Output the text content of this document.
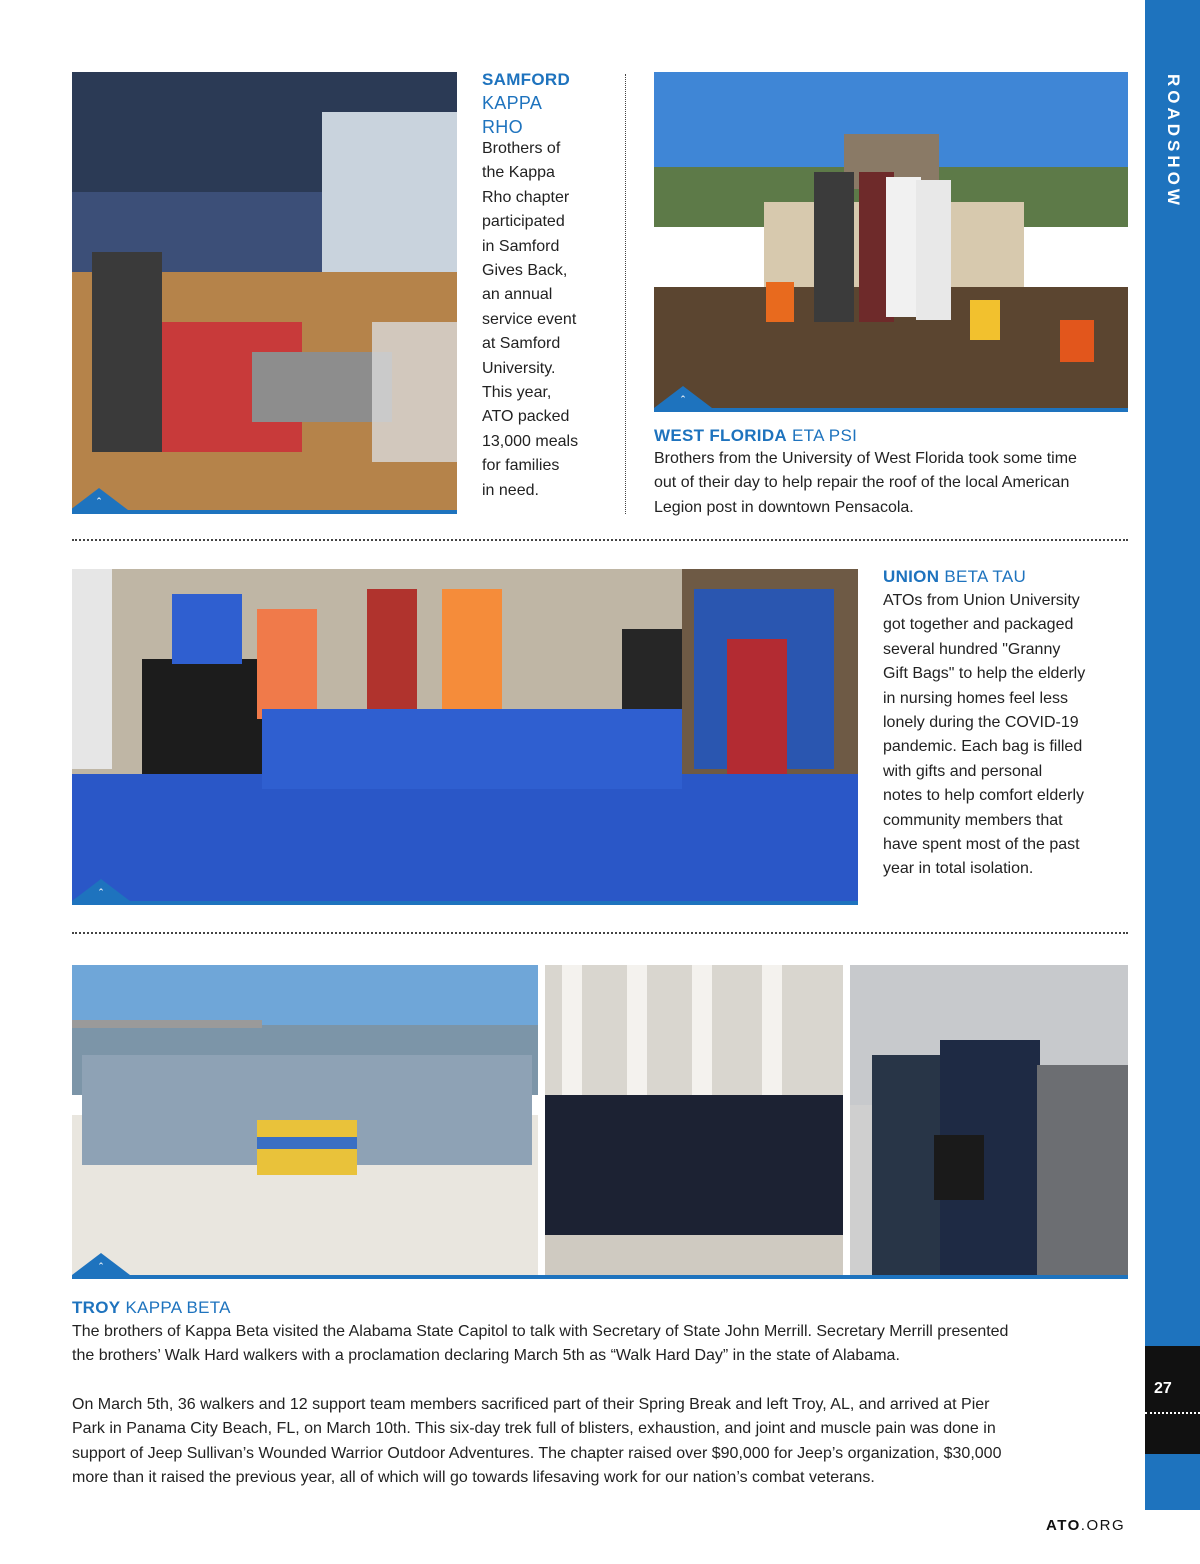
ROADSHOW
27
⌃
SAMFORD
KAPPA
RHO
Brothers of
the Kappa
Rho chapter
participated
in Samford
Gives Back,
an annual
service event
at Samford
University.
This year,
ATO packed
13,000 meals
for families
in need.
⌃
WEST FLORIDA ETA PSI
Brothers from the University of West Florida took some time
out of their day to help repair the roof of the local American
Legion post in downtown Pensacola.
⌃
UNION BETA TAU
ATOs from Union University
got together and packaged
several hundred "Granny
Gift Bags" to help the elderly
in nursing homes feel less
lonely during the COVID-19
pandemic. Each bag is filled
with gifts and personal
notes to help comfort elderly
community members that
have spent most of the past
year in total isolation.
⌃
TROY KAPPA BETA
The brothers of Kappa Beta visited the Alabama State Capitol to talk with Secretary of State John Merrill. Secretary Merrill presented
the brothers’ Walk Hard walkers with a proclamation declaring March 5th as “Walk Hard Day” in the state of Alabama.
On March 5th, 36 walkers and 12 support team members sacrificed part of their Spring Break and left Troy, AL, and arrived at Pier
Park in Panama City Beach, FL, on March 10th. This six-day trek full of blisters, exhaustion, and joint and muscle pain was done in
support of Jeep Sullivan’s Wounded Warrior Outdoor Adventures. The chapter raised over $90,000 for Jeep’s organization, $30,000
more than it raised the previous year, all of which will go towards lifesaving work for our nation’s combat veterans.
ATO.ORG
